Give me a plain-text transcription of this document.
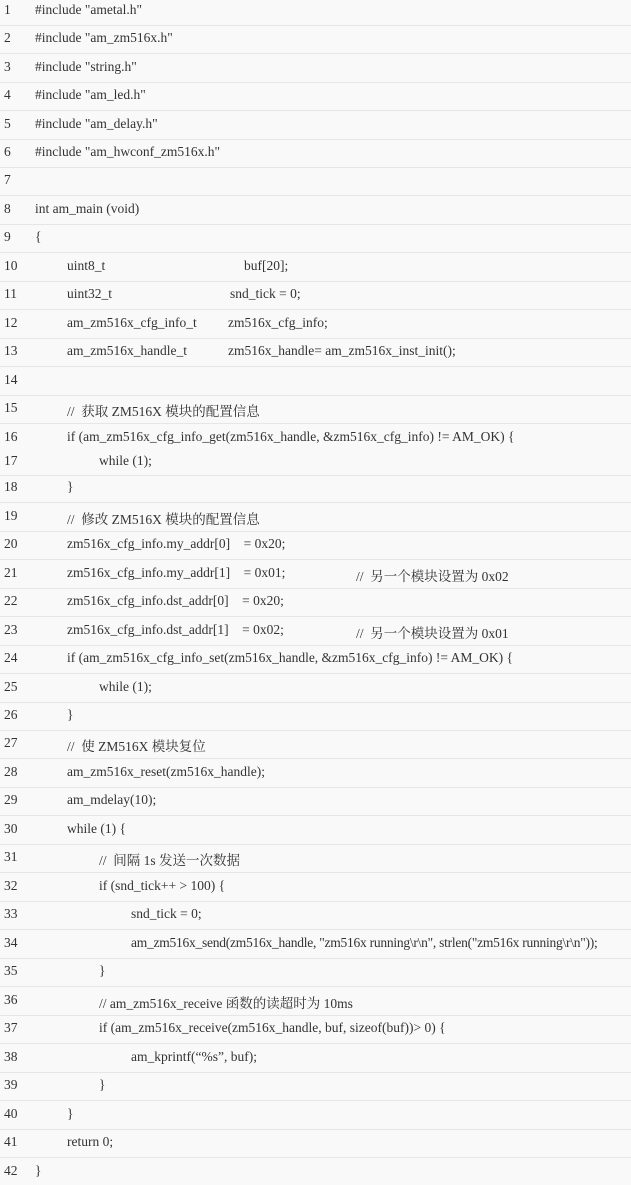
1 #include "ametal.h"
2 #include "am_zm516x.h"
3 #include "string.h"
4 #include "am_led.h"
5 #include "am_delay.h"
6 #include "am_hwconf_zm516x.h"
7
8 int am_main (void)
9 {
10	uint8_t	buf[20];
11	uint32_t	snd_tick = 0;
12	am_zm516x_cfg_info_t zm516x_cfg_info;
13	am_zm516x_handle_t	zm516x_handle= am_zm516x_inst_init();
14
15	//  获取 ZM516X 模块的配置信息
16	if (am_zm516x_cfg_info_get(zm516x_handle, &zm516x_cfg_info) != AM_OK) {
17	while (1);
18	}
19	//  修改 ZM516X 模块的配置信息
20	zm516x_cfg_info.my_addr[0]    = 0x20;
21	zm516x_cfg_info.my_addr[1]    = 0x01;	//  另一个模块设置为 0x02
22	zm516x_cfg_info.dst_addr[0]    = 0x20;
23	zm516x_cfg_info.dst_addr[1]    = 0x02;	//  另一个模块设置为 0x01
24	if (am_zm516x_cfg_info_set(zm516x_handle, &zm516x_cfg_info) != AM_OK) {
25	while (1);
26	}
27	//  使 ZM516X 模块复位
28	am_zm516x_reset(zm516x_handle);
29	am_mdelay(10);
30	while (1) {
31	//  间隔 1s 发送一次数据
32	if (snd_tick++ > 100) {
33	snd_tick = 0;
34	am_zm516x_send(zm516x_handle, "zm516x running\r\n", strlen("zm516x running\r\n"));
35	}
36	// am_zm516x_receive 函数的读超时为 10ms
37	if (am_zm516x_receive(zm516x_handle, buf, sizeof(buf))> 0) {
38	am_kprintf(“%s”, buf);
39	}
40	}
41	return 0;
42 }
